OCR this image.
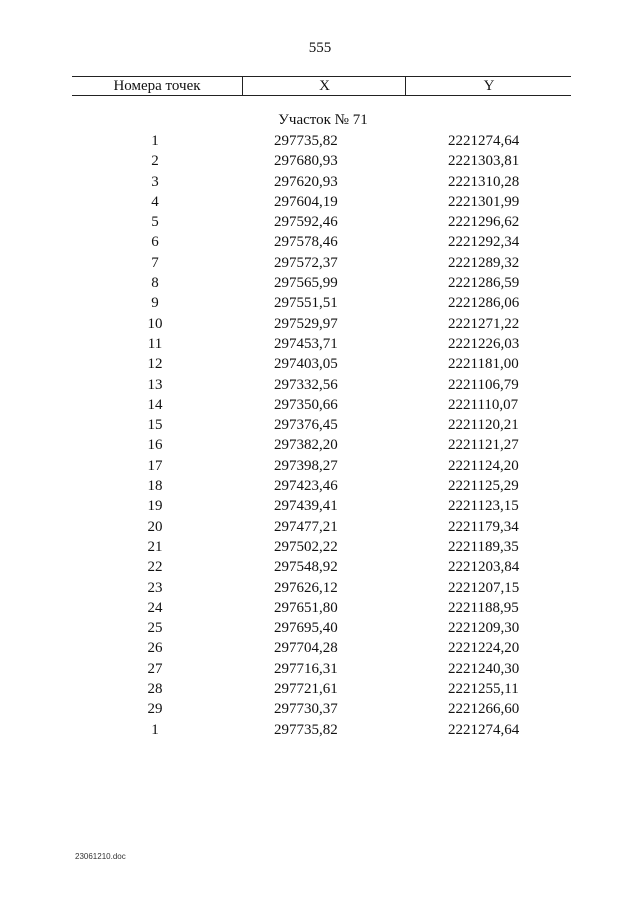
555
Номера точек	X	Y
Участок № 71
1	297735,82	2221274,64
2	297680,93	2221303,81
3	297620,93	2221310,28
4	297604,19	2221301,99
5	297592,46	2221296,62
6	297578,46	2221292,34
7	297572,37	2221289,32
8	297565,99	2221286,59
9	297551,51	2221286,06
10	297529,97	2221271,22
11	297453,71	2221226,03
12	297403,05	2221181,00
13	297332,56	2221106,79
14	297350,66	2221110,07
15	297376,45	2221120,21
16	297382,20	2221121,27
17	297398,27	2221124,20
18	297423,46	2221125,29
19	297439,41	2221123,15
20	297477,21	2221179,34
21	297502,22	2221189,35
22	297548,92	2221203,84
23	297626,12	2221207,15
24	297651,80	2221188,95
25	297695,40	2221209,30
26	297704,28	2221224,20
27	297716,31	2221240,30
28	297721,61	2221255,11
29	297730,37	2221266,60
1	297735,82	2221274,64
23061210.doc
